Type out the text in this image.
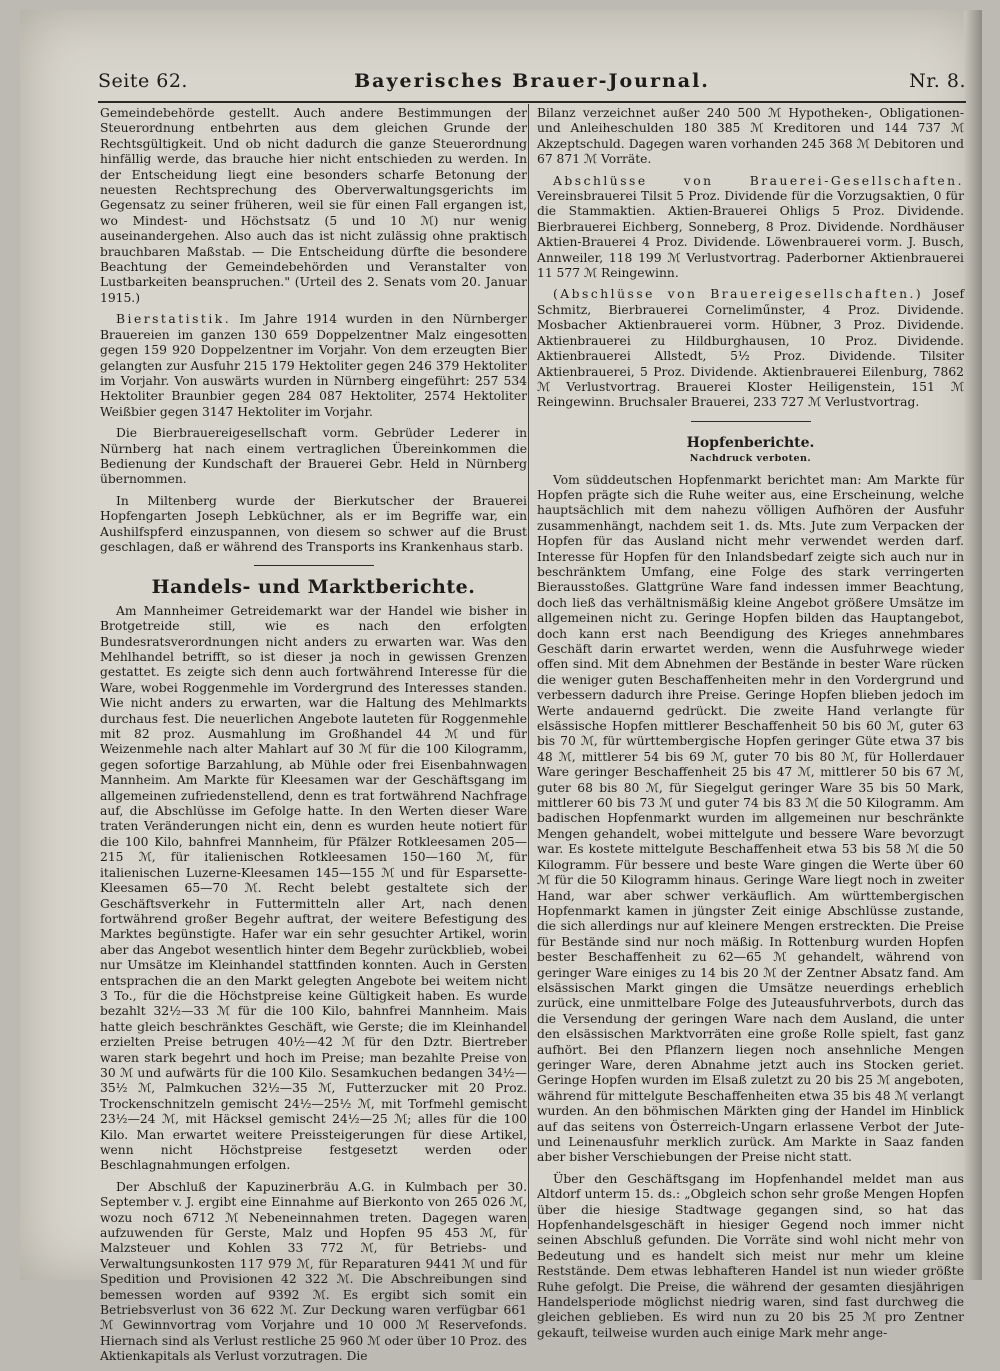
Seite 62.	Bayerisches Brauer-Journal.	Nr. 8.

Gemeindebehörde gestellt. Auch andere Bestimmungen der Steuerordnung entbehrten aus dem gleichen Grunde der Rechtsgültigkeit. Und ob nicht dadurch die ganze Steuerordnung hinfällig werde, das brauche hier nicht entschieden zu werden. In der Entscheidung liegt eine besonders scharfe Betonung der neuesten Rechtsprechung des Oberverwaltungsgerichts im Gegensatz zu seiner früheren, weil sie für einen Fall ergangen ist, wo Mindest- und Höchstsatz (5 und 10 ℳ) nur wenig auseinandergehen. Also auch das ist nicht zulässig ohne praktisch brauchbaren Maßstab. — Die Entscheidung dürfte die besondere Beachtung der Gemeindebehörden und Veranstalter von Lustbarkeiten beanspruchen." (Urteil des 2. Senats vom 20. Januar 1915.)

Bierstatistik. Im Jahre 1914 wurden in den Nürnberger Brauereien im ganzen 130 659 Doppelzentner Malz eingesotten gegen 159 920 Doppelzentner im Vorjahr. Von dem erzeugten Bier gelangten zur Ausfuhr 215 179 Hektoliter gegen 246 379 Hektoliter im Vorjahr. Von auswärts wurden in Nürnberg eingeführt: 257 534 Hektoliter Braunbier gegen 284 087 Hektoliter, 2574 Hektoliter Weißbier gegen 3147 Hektoliter im Vorjahr.

Die Bierbrauereigesellschaft vorm. Gebrüder Lederer in Nürnberg hat nach einem vertraglichen Übereinkommen die Bedienung der Kundschaft der Brauerei Gebr. Held in Nürnberg übernommen.

In Miltenberg wurde der Bierkutscher der Brauerei Hopfengarten Joseph Lebküchner, als er im Begriffe war, ein Aushilfspferd einzuspannen, von diesem so schwer auf die Brust geschlagen, daß er während des Transports ins Krankenhaus starb.

Handels- und Marktberichte.

Am Mannheimer Getreidemarkt war der Handel wie bisher in Brotgetreide still, wie es nach den erfolgten Bundesratsverordnungen nicht anders zu erwarten war. Was den Mehlhandel betrifft, so ist dieser ja noch in gewissen Grenzen gestattet. Es zeigte sich denn auch fortwährend Interesse für die Ware, wobei Roggenmehle im Vordergrund des Interesses standen. Wie nicht anders zu erwarten, war die Haltung des Mehlmarkts durchaus fest. Die neuerlichen Angebote lauteten für Roggenmehle mit 82 proz. Ausmahlung im Großhandel 44 ℳ und für Weizenmehle nach alter Mahlart auf 30 ℳ für die 100 Kilogramm, gegen sofortige Barzahlung, ab Mühle oder frei Eisenbahnwagen Mannheim. Am Markte für Kleesamen war der Geschäftsgang im allgemeinen zufriedenstellend, denn es trat fortwährend Nachfrage auf, die Abschlüsse im Gefolge hatte. In den Werten dieser Ware traten Veränderungen nicht ein, denn es wurden heute notiert für die 100 Kilo, bahnfrei Mannheim, für Pfälzer Rotkleesamen 205—215 ℳ, für italienischen Rotkleesamen 150—160 ℳ, für italienischen Luzerne-Kleesamen 145—155 ℳ und für Esparsette-Kleesamen 65—70 ℳ. Recht belebt gestaltete sich der Geschäftsverkehr in Futtermitteln aller Art, nach denen fortwährend großer Begehr auftrat, der weitere Befestigung des Marktes begünstigte. Hafer war ein sehr gesuchter Artikel, worin aber das Angebot wesentlich hinter dem Begehr zurückblieb, wobei nur Umsätze im Kleinhandel stattfinden konnten. Auch in Gersten entsprachen die an den Markt gelegten Angebote bei weitem nicht 3 To., für die die Höchstpreise keine Gültigkeit haben. Es wurde bezahlt 32½—33 ℳ für die 100 Kilo, bahnfrei Mannheim. Mais hatte gleich beschränktes Geschäft, wie Gerste; die im Kleinhandel erzielten Preise betrugen 40½—42 ℳ für den Dztr. Biertreber waren stark begehrt und hoch im Preise; man bezahlte Preise von 30 ℳ und aufwärts für die 100 Kilo. Sesamkuchen bedangen 34½—35½ ℳ, Palmkuchen 32½—35 ℳ, Futterzucker mit 20 Proz. Trockenschnitzeln gemischt 24½—25½ ℳ, mit Torfmehl gemischt 23½—24 ℳ, mit Häcksel gemischt 24½—25 ℳ; alles für die 100 Kilo. Man erwartet weitere Preissteigerungen für diese Artikel, wenn nicht Höchstpreise festgesetzt werden oder Beschlagnahmungen erfolgen.

Der Abschluß der Kapuzinerbräu A.G. in Kulmbach per 30. September v. J. ergibt eine Einnahme auf Bierkonto von 265 026 ℳ, wozu noch 6712 ℳ Nebeneinnahmen treten. Dagegen waren aufzuwenden für Gerste, Malz und Hopfen 95 453 ℳ, für Malzsteuer und Kohlen 33 772 ℳ, für Betriebs- und Verwaltungsunkosten 117 979 ℳ, für Reparaturen 9441 ℳ und für Spedition und Provisionen 42 322 ℳ. Die Abschreibungen sind bemessen worden auf 9392 ℳ. Es ergibt sich somit ein Betriebsverlust von 36 622 ℳ. Zur Deckung waren verfügbar 661 ℳ Gewinnvortrag vom Vorjahre und 10 000 ℳ Reservefonds. Hiernach sind als Verlust restliche 25 960 ℳ oder über 10 Proz. des Aktienkapitals als Verlust vorzutragen. Die

Bilanz verzeichnet außer 240 500 ℳ Hypotheken-, Obligationen- und Anleiheschulden 180 385 ℳ Kreditoren und 144 737 ℳ Akzeptschuld. Dagegen waren vorhanden 245 368 ℳ Debitoren und 67 871 ℳ Vorräte.

Abschlüsse von Brauerei-Gesellschaften. Vereinsbrauerei Tilsit 5 Proz. Dividende für die Vorzugsaktien, 0 für die Stammaktien. Aktien-Brauerei Ohligs 5 Proz. Dividende. Bierbrauerei Eichberg, Sonneberg, 8 Proz. Dividende. Nordhäuser Aktien-Brauerei 4 Proz. Dividende. Löwenbrauerei vorm. J. Busch, Annweiler, 118 199 ℳ Verlustvortrag. Paderborner Aktienbrauerei 11 577 ℳ Reingewinn.

(Abschlüsse von Brauereigesellschaften.) Josef Schmitz, Bierbrauerei Corneliműnster, 4 Proz. Dividende. Mosbacher Aktienbrauerei vorm. Hübner, 3 Proz. Dividende. Aktienbrauerei zu Hildburghausen, 10 Proz. Dividende. Aktienbrauerei Allstedt, 5½ Proz. Dividende. Tilsiter Aktienbrauerei, 5 Proz. Dividende. Aktienbrauerei Eilenburg, 7862 ℳ Verlustvortrag. Brauerei Kloster Heiligenstein, 151 ℳ Reingewinn. Bruchsaler Brauerei, 233 727 ℳ Verlustvortrag.

Hopfenberichte.
Nachdruck verboten.

Vom süddeutschen Hopfenmarkt berichtet man: Am Markte für Hopfen prägte sich die Ruhe weiter aus, eine Erscheinung, welche hauptsächlich mit dem nahezu völligen Aufhören der Ausfuhr zusammenhängt, nachdem seit 1. ds. Mts. Jute zum Verpacken der Hopfen für das Ausland nicht mehr verwendet werden darf. Interesse für Hopfen für den Inlandsbedarf zeigte sich auch nur in beschränktem Umfang, eine Folge des stark verringerten Bierausstoßes. Glattgrüne Ware fand indessen immer Beachtung, doch ließ das verhältnismäßig kleine Angebot größere Umsätze im allgemeinen nicht zu. Geringe Hopfen bilden das Hauptangebot, doch kann erst nach Beendigung des Krieges annehmbares Geschäft darin erwartet werden, wenn die Ausfuhrwege wieder offen sind. Mit dem Abnehmen der Bestände in bester Ware rücken die weniger guten Beschaffenheiten mehr in den Vordergrund und verbessern dadurch ihre Preise. Geringe Hopfen blieben jedoch im Werte andauernd gedrückt. Die zweite Hand verlangte für elsässische Hopfen mittlerer Beschaffenheit 50 bis 60 ℳ, guter 63 bis 70 ℳ, für württembergische Hopfen geringer Güte etwa 37 bis 48 ℳ, mittlerer 54 bis 69 ℳ, guter 70 bis 80 ℳ, für Hollerdauer Ware geringer Beschaffenheit 25 bis 47 ℳ, mittlerer 50 bis 67 ℳ, guter 68 bis 80 ℳ, für Siegelgut geringer Ware 35 bis 50 Mark, mittlerer 60 bis 73 ℳ und guter 74 bis 83 ℳ die 50 Kilogramm. Am badischen Hopfenmarkt wurden im allgemeinen nur beschränkte Mengen gehandelt, wobei mittelgute und bessere Ware bevorzugt war. Es kostete mittelgute Beschaffenheit etwa 53 bis 58 ℳ die 50 Kilogramm. Für bessere und beste Ware gingen die Werte über 60 ℳ für die 50 Kilogramm hinaus. Geringe Ware liegt noch in zweiter Hand, war aber schwer verkäuflich. Am württembergischen Hopfenmarkt kamen in jüngster Zeit einige Abschlüsse zustande, die sich allerdings nur auf kleinere Mengen erstreckten. Die Preise für Bestände sind nur noch mäßig. In Rottenburg wurden Hopfen bester Beschaffenheit zu 62—65 ℳ gehandelt, während von geringer Ware einiges zu 14 bis 20 ℳ der Zentner Absatz fand. Am elsässischen Markt gingen die Umsätze neuerdings erheblich zurück, eine unmittelbare Folge des Juteausfuhrverbots, durch das die Versendung der geringen Ware nach dem Ausland, die unter den elsässischen Marktvorräten eine große Rolle spielt, fast ganz aufhört. Bei den Pflanzern liegen noch ansehnliche Mengen geringer Ware, deren Abnahme jetzt auch ins Stocken geriet. Geringe Hopfen wurden im Elsaß zuletzt zu 20 bis 25 ℳ angeboten, während für mittelgute Beschaffenheiten etwa 35 bis 48 ℳ verlangt wurden. An den böhmischen Märkten ging der Handel im Hinblick auf das seitens von Österreich-Ungarn erlassene Verbot der Jute- und Leinenausfuhr merklich zurück. Am Markte in Saaz fanden aber bisher Verschiebungen der Preise nicht statt.

Über den Geschäftsgang im Hopfenhandel meldet man aus Altdorf unterm 15. ds.: „Obgleich schon sehr große Mengen Hopfen über die hiesige Stadtwage gegangen sind, so hat das Hopfenhandelsgeschäft in hiesiger Gegend noch immer nicht seinen Abschluß gefunden. Die Vorräte sind wohl nicht mehr von Bedeutung und es handelt sich meist nur mehr um kleine Reststände. Dem etwas lebhafteren Handel ist nun wieder größte Ruhe gefolgt. Die Preise, die während der gesamten diesjährigen Handelsperiode möglichst niedrig waren, sind fast durchweg die gleichen geblieben. Es wird nun zu 20 bis 25 ℳ pro Zentner gekauft, teilweise wurden auch einige Mark mehr ange-
